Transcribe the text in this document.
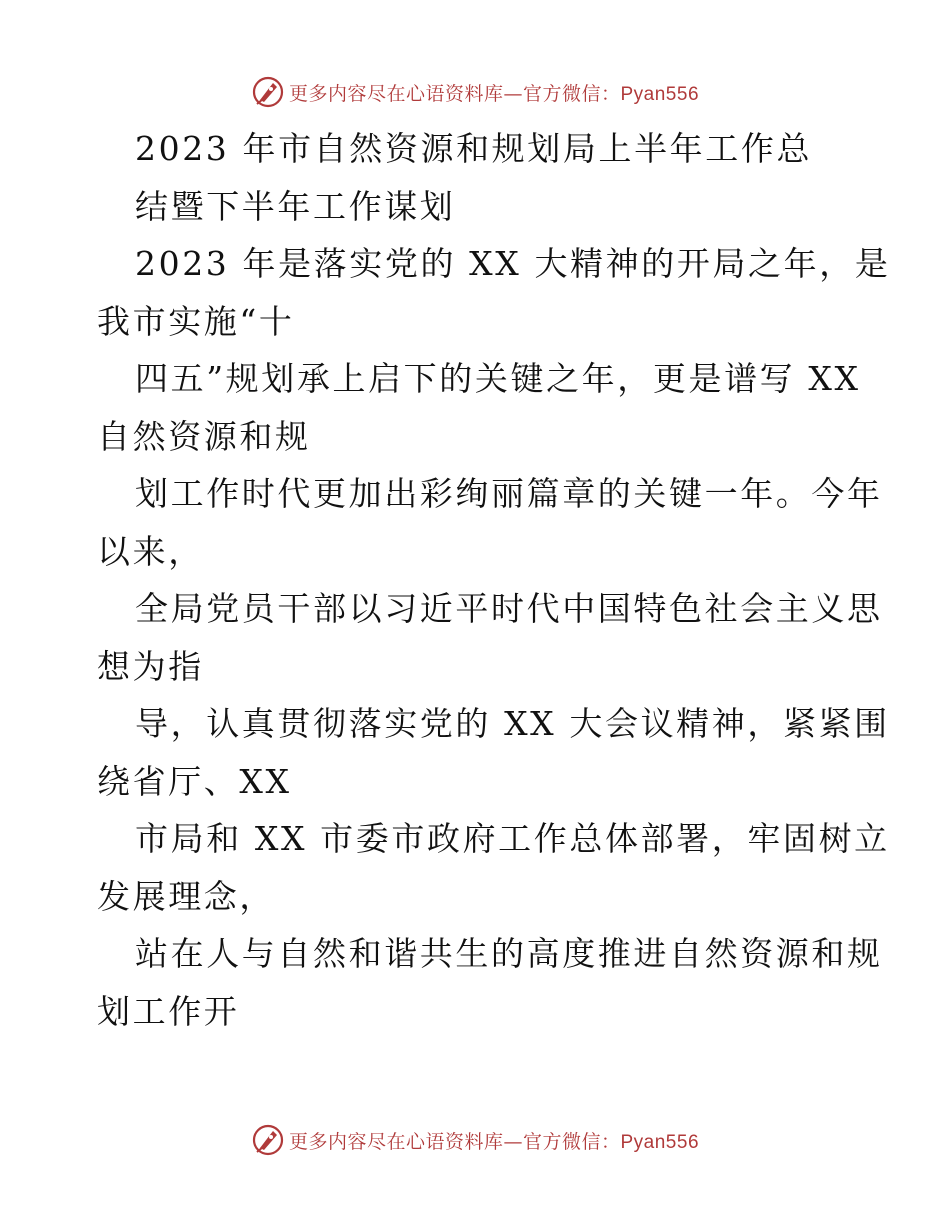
更多内容尽在心语资料库—官方微信：Pyan556
2023 年市自然资源和规划局上半年工作总
结暨下半年工作谋划
2023 年是落实党的 XX 大精神的开局之年，是
我市实施“十
四五”规划承上启下的关键之年，更是谱写 XX
自然资源和规
划工作时代更加出彩绚丽篇章的关键一年。今年
以来，
全局党员干部以习近平时代中国特色社会主义思
想为指
导，认真贯彻落实党的 XX 大会议精神，紧紧围
绕省厅、XX
市局和 XX 市委市政府工作总体部署，牢固树立
发展理念，
站在人与自然和谐共生的高度推进自然资源和规
划工作开
更多内容尽在心语资料库—官方微信：Pyan556
